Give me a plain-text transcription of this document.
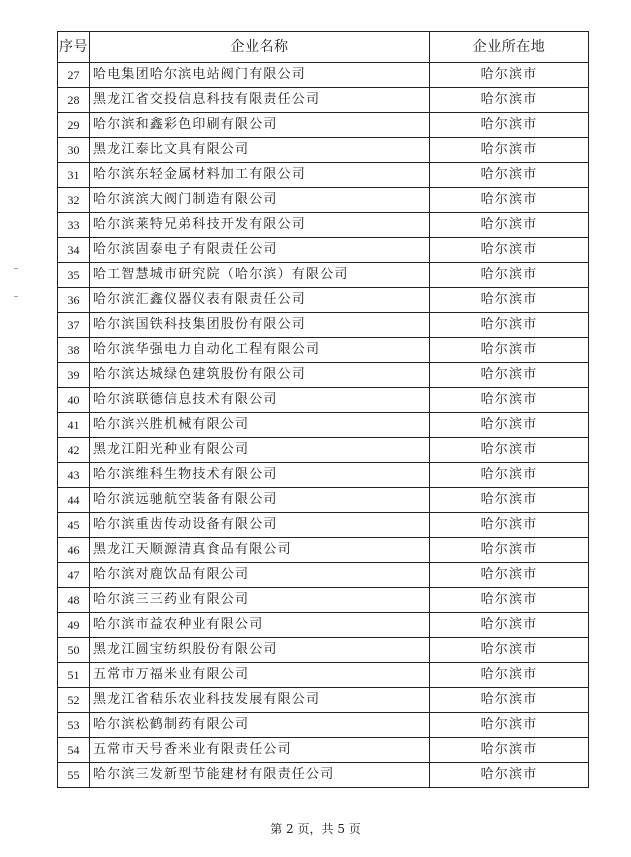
序号	企业名称	企业所在地
27	哈电集团哈尔滨电站阀门有限公司	哈尔滨市
28	黑龙江省交投信息科技有限责任公司	哈尔滨市
29	哈尔滨和鑫彩色印刷有限公司	哈尔滨市
30	黑龙江泰比文具有限公司	哈尔滨市
31	哈尔滨东轻金属材料加工有限公司	哈尔滨市
32	哈尔滨滨大阀门制造有限公司	哈尔滨市
33	哈尔滨莱特兄弟科技开发有限公司	哈尔滨市
34	哈尔滨固泰电子有限责任公司	哈尔滨市
35	哈工智慧城市研究院（哈尔滨）有限公司	哈尔滨市
36	哈尔滨汇鑫仪器仪表有限责任公司	哈尔滨市
37	哈尔滨国铁科技集团股份有限公司	哈尔滨市
38	哈尔滨华强电力自动化工程有限公司	哈尔滨市
39	哈尔滨达城绿色建筑股份有限公司	哈尔滨市
40	哈尔滨联德信息技术有限公司	哈尔滨市
41	哈尔滨兴胜机械有限公司	哈尔滨市
42	黑龙江阳光种业有限公司	哈尔滨市
43	哈尔滨维科生物技术有限公司	哈尔滨市
44	哈尔滨远驰航空装备有限公司	哈尔滨市
45	哈尔滨重齿传动设备有限公司	哈尔滨市
46	黑龙江天顺源清真食品有限公司	哈尔滨市
47	哈尔滨对鹿饮品有限公司	哈尔滨市
48	哈尔滨三三药业有限公司	哈尔滨市
49	哈尔滨市益农种业有限公司	哈尔滨市
50	黑龙江圆宝纺织股份有限公司	哈尔滨市
51	五常市万福米业有限公司	哈尔滨市
52	黑龙江省秸乐农业科技发展有限公司	哈尔滨市
53	哈尔滨松鹤制药有限公司	哈尔滨市
54	五常市天号香米业有限责任公司	哈尔滨市
55	哈尔滨三发新型节能建材有限责任公司	哈尔滨市
第 2 页，共 5 页
